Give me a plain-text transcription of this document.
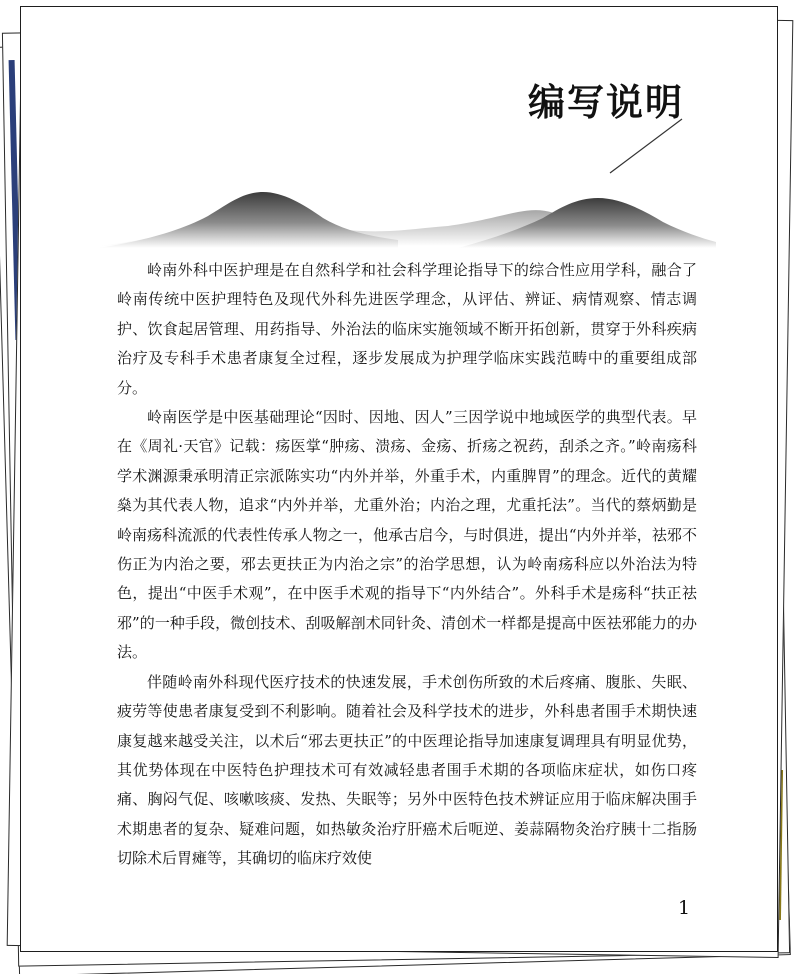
编写说明

岭南外科中医护理是在自然科学和社会科学理论指导下的综合性应用学科，融合了岭南传统中医护理特色及现代外科先进医学理念，从评估、辨证、病情观察、情志调护、饮食起居管理、用药指导、外治法的临床实施领域不断开拓创新，贯穿于外科疾病治疗及专科手术患者康复全过程，逐步发展成为护理学临床实践范畴中的重要组成部分。

岭南医学是中医基础理论“因时、因地、因人”三因学说中地域医学的典型代表。早在《周礼·天官》记载：疡医掌“肿疡、溃疡、金疡、折疡之祝药，刮杀之齐。”岭南疡科学术渊源秉承明清正宗派陈实功“内外并举，外重手术，内重脾胃”的理念。近代的黄耀燊为其代表人物，追求“内外并举，尤重外治；内治之理，尤重托法”。当代的蔡炳勤是岭南疡科流派的代表性传承人物之一，他承古启今，与时俱进，提出“内外并举，祛邪不伤正为内治之要，邪去更扶正为内治之宗”的治学思想，认为岭南疡科应以外治法为特色，提出“中医手术观”，在中医手术观的指导下“内外结合”。外科手术是疡科“扶正祛邪”的一种手段，微创技术、刮吸解剖术同针灸、清创术一样都是提高中医祛邪能力的办法。

伴随岭南外科现代医疗技术的快速发展，手术创伤所致的术后疼痛、腹胀、失眠、疲劳等使患者康复受到不利影响。随着社会及科学技术的进步，外科患者围手术期快速康复越来越受关注，以术后“邪去更扶正”的中医理论指导加速康复调理具有明显优势，其优势体现在中医特色护理技术可有效减轻患者围手术期的各项临床症状，如伤口疼痛、胸闷气促、咳嗽咳痰、发热、失眠等；另外中医特色技术辨证应用于临床解决围手术期患者的复杂、疑难问题，如热敏灸治疗肝癌术后呃逆、姜蒜隔物灸治疗胰十二指肠切除术后胃瘫等，其确切的临床疗效使

1
